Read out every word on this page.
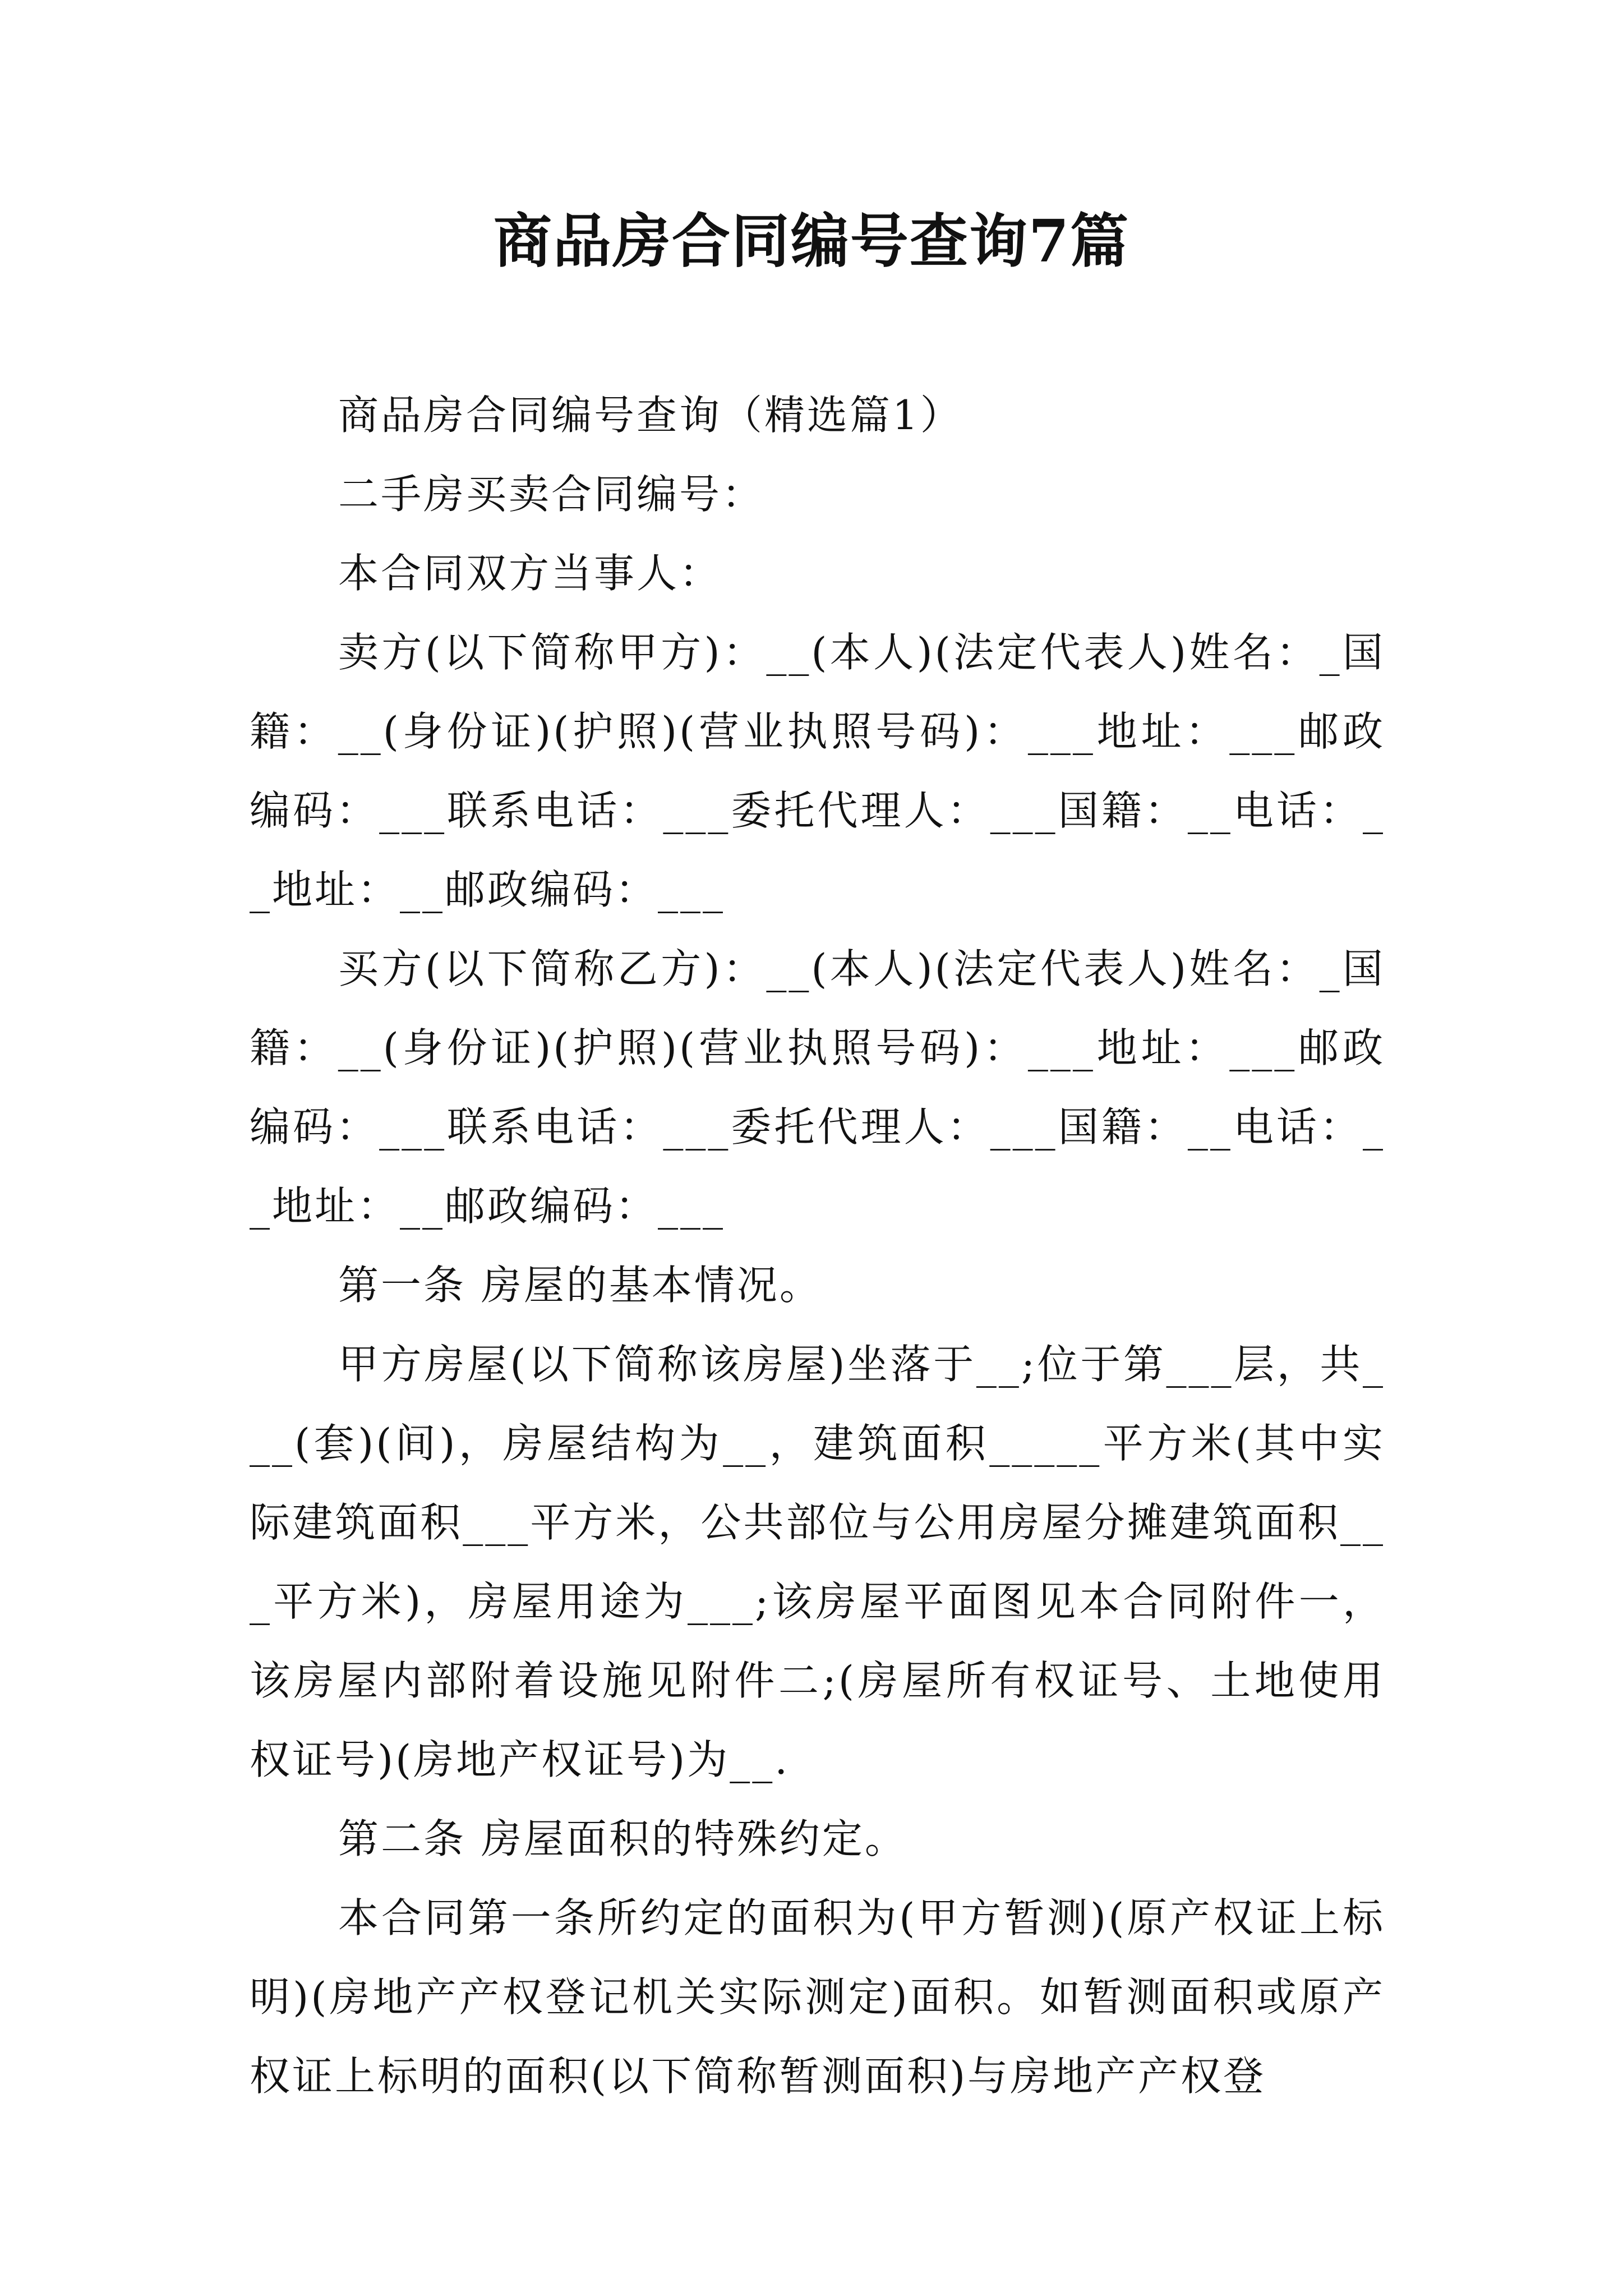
商品房合同编号查询7篇

商品房合同编号查询（精选篇1）

二手房买卖合同编号：

本合同双方当事人：

卖方(以下简称甲方)：__(本人)(法定代表人)姓名：_国籍：__(身份证)(护照)(营业执照号码)：___地址：___邮政编码：___联系电话：___委托代理人：___国籍：__电话：__地址：__邮政编码：___

买方(以下简称乙方)：__(本人)(法定代表人)姓名：_国籍：__(身份证)(护照)(营业执照号码)：___地址：___邮政编码：___联系电话：___委托代理人：___国籍：__电话：__地址：__邮政编码：___

第一条 房屋的基本情况。

甲方房屋(以下简称该房屋)坐落于__;位于第___层，共___(套)(间)，房屋结构为__，建筑面积_____平方米(其中实际建筑面积___平方米，公共部位与公用房屋分摊建筑面积___平方米)，房屋用途为___;该房屋平面图见本合同附件一，该房屋内部附着设施见附件二;(房屋所有权证号、土地使用权证号)(房地产权证号)为__.

第二条 房屋面积的特殊约定。

本合同第一条所约定的面积为(甲方暂测)(原产权证上标明)(房地产产权登记机关实际测定)面积。如暂测面积或原产权证上标明的面积(以下简称暂测面积)与房地产产权登
